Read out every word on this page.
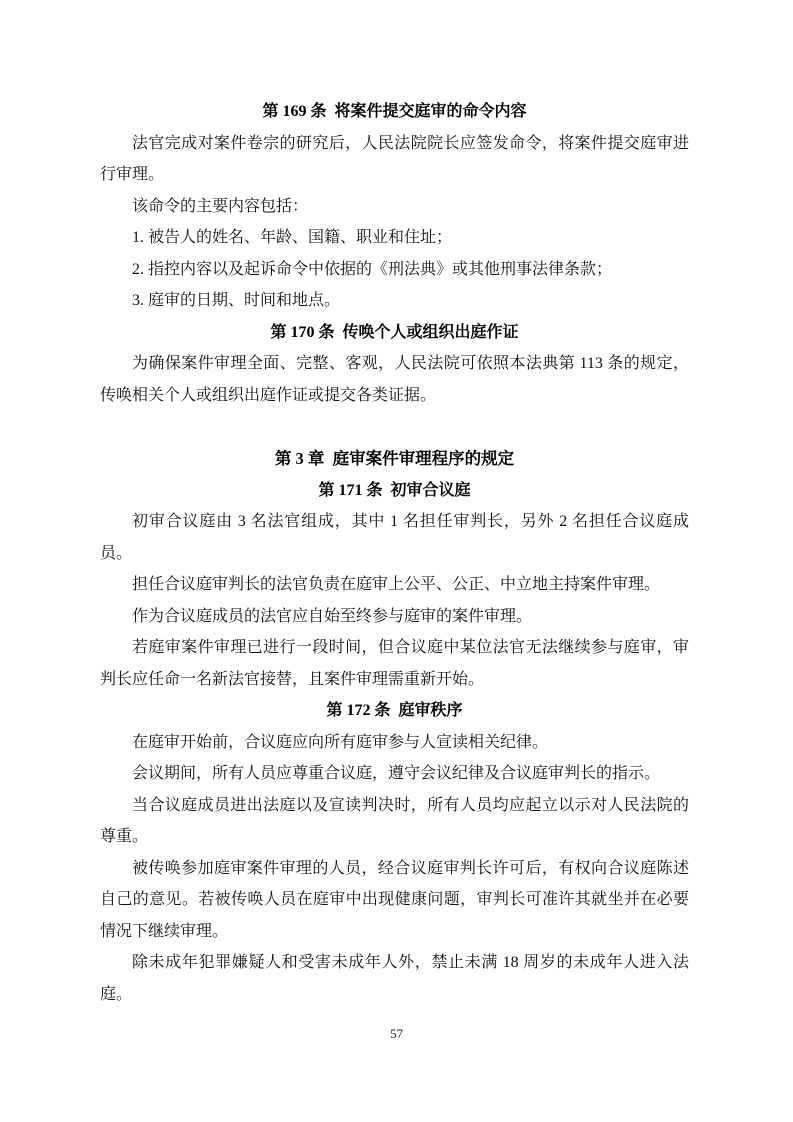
第 169 条  将案件提交庭审的命令内容
法官完成对案件卷宗的研究后，人民法院院长应签发命令，将案件提交庭审进行审理。
该命令的主要内容包括：
1. 被告人的姓名、年龄、国籍、职业和住址；
2. 指控内容以及起诉命令中依据的《刑法典》或其他刑事法律条款；
3. 庭审的日期、时间和地点。
第 170 条  传唤个人或组织出庭作证
为确保案件审理全面、完整、客观，人民法院可依照本法典第 113 条的规定，传唤相关个人或组织出庭作证或提交各类证据。
第 3 章  庭审案件审理程序的规定
第 171 条  初审合议庭
初审合议庭由 3 名法官组成，其中 1 名担任审判长，另外 2 名担任合议庭成员。
担任合议庭审判长的法官负责在庭审上公平、公正、中立地主持案件审理。
作为合议庭成员的法官应自始至终参与庭审的案件审理。
若庭审案件审理已进行一段时间，但合议庭中某位法官无法继续参与庭审，审判长应任命一名新法官接替，且案件审理需重新开始。
第 172 条  庭审秩序
在庭审开始前，合议庭应向所有庭审参与人宣读相关纪律。
会议期间，所有人员应尊重合议庭，遵守会议纪律及合议庭审判长的指示。
当合议庭成员进出法庭以及宣读判决时，所有人员均应起立以示对人民法院的尊重。
被传唤参加庭审案件审理的人员，经合议庭审判长许可后，有权向合议庭陈述自己的意见。若被传唤人员在庭审中出现健康问题，审判长可准许其就坐并在必要情况下继续审理。
除未成年犯罪嫌疑人和受害未成年人外，禁止未满 18 周岁的未成年人进入法庭。
57
